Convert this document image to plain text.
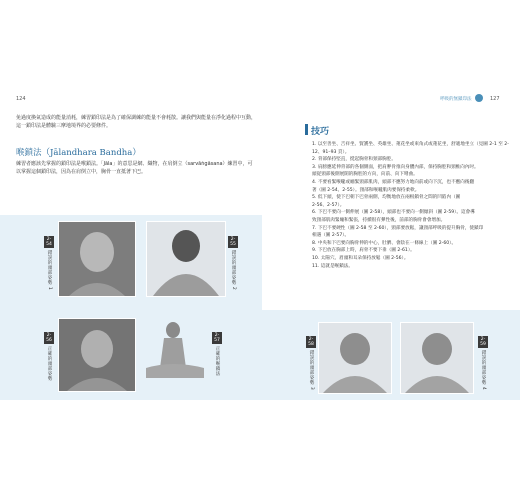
124
免過度換氣造成的能量消耗，練習鎖印法是為了確保調練的能量不會耗散。讓我們與能量在淨化過程中互動，這一鎖印法是體驗三摩地境界的必要條件。
喉鎖法（Jālandhara Bandha）
練習者應該先掌握的鎖印法是喉鎖法。「Jāla」的意思是網、織物，在肩倒立（sarvāṅgāsana）練習中，可以掌握這個鎖印法，因為在肩倒立中，胸骨一直抵著下巴。
呼吸的無鎖印法	127
技巧
1. 以至善坐、吉祥坐、賢護坐、英雄坐、蓮花坐或束角式或蓮花坐，舒適地坐立（見圖 2-1 至 2-12、91–93 頁）。
2. 背部保持堅直，挺起胸骨和頸部胸腔。
3. 肩膀應延伸背部的各個側面，把肩胛骨推向身體內部，保持胸腔和頸椎向內吋。
頭從頸部後側展開的胸腔的方向，向前、向下彎曲。
4. 不要看緊喉嚨或繃緊頸部肌肉，頭部不應努力地向前或向下沉，也不應向後翻
著（圖 2-54、2-55）。頸部和喉嚨肌肉要保持柔軟。
5. 低下頭，使下巴朝下巴骨兩側，均衡地放在兩根鎖骨之間的凹陷內（圖
2-56、2-57）。
6. 下巴不要向一側伸展（圖 2-58），頭部也不要向一側傾斜（圖 2-59）。這會導
致頸部肌肉緊繃和緊張，持續很有彈性後，前部的胸骨會會增加。
7. 下巴不要硬性（圖 2-58 至 2-60），頸部要放鬆，讓頸部呼吸的提升胸骨，使鎖印
相遇（圖 2-57）。
8. 中央和下巴要向胸骨伸的中心，肚臍、會陰在一條線上（圖 2-60）。
9. 下巴放在胸部上時，肩骨不要下垂（圖 2-61）。
10. 太陽穴、眉頭和耳朵保持放鬆（圖 2-56）。
11. 這就是喉鎖法。
2-54
錯誤的頭部姿勢 1
2-55
錯誤的頭部姿勢 2
2-56
正確的頭部姿勢
2-57
正確的喉鎖法
2-58
錯誤的頭部姿勢 3
2-59
錯誤的頭部姿勢 4
